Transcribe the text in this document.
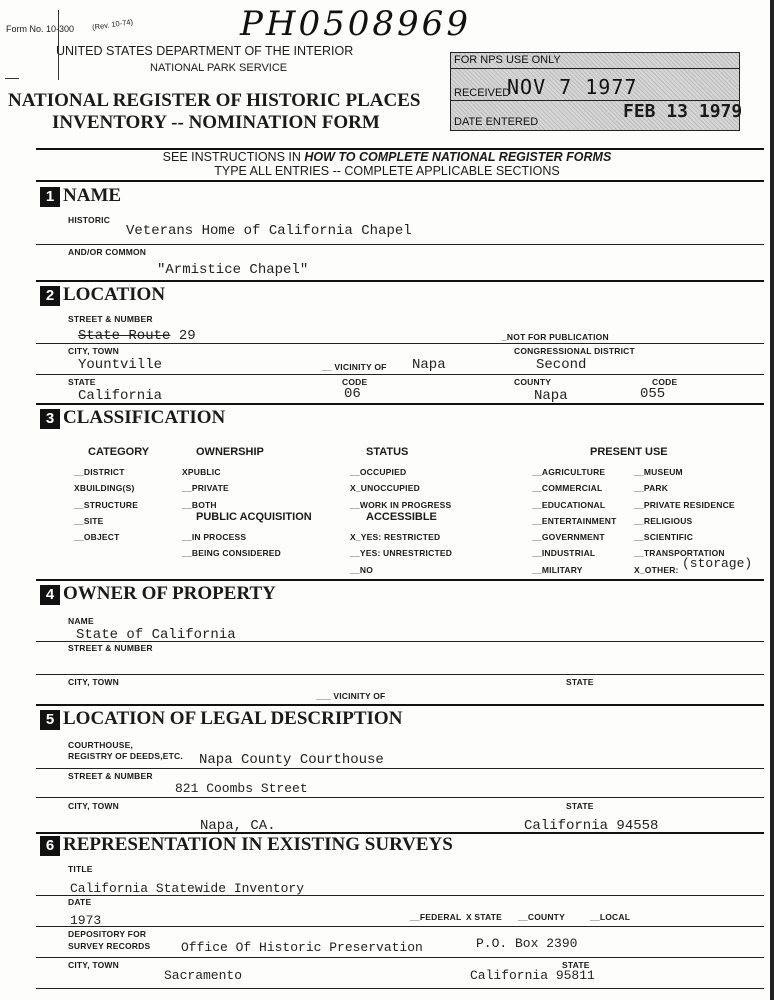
Form No. 10-300 (Rev. 10-74)	PH0508969
UNITED STATES DEPARTMENT OF THE INTERIOR
NATIONAL PARK SERVICE
NATIONAL REGISTER OF HISTORIC PLACES
INVENTORY -- NOMINATION FORM
FOR NPS USE ONLY
RECEIVED
NOV 7 1977
DATE ENTERED	FEB 13 1979
SEE INSTRUCTIONS IN HOW TO COMPLETE NATIONAL REGISTER FORMS
TYPE ALL ENTRIES -- COMPLETE APPLICABLE SECTIONS
1 NAME
HISTORIC
Veterans Home of California Chapel
AND/OR COMMON
"Armistice Chapel"
2 LOCATION
STREET & NUMBER
State Route 29	_NOT FOR PUBLICATION
CITY, TOWN	CONGRESSIONAL DISTRICT
Yountville	__ VICINITY OF Napa	Second
STATE	CODE	COUNTY	CODE
California	06	Napa	055
3 CLASSIFICATION
CATEGORY
__DISTRICT
XBUILDING(S)
__STRUCTURE
__SITE
__OBJECT
OWNERSHIP
XPUBLIC
__PRIVATE
__BOTH
PUBLIC ACQUISITION
__IN PROCESS
__BEING CONSIDERED
STATUS
__OCCUPIED
X_UNOCCUPIED
__WORK IN PROGRESS
ACCESSIBLE
X_YES: RESTRICTED
__YES: UNRESTRICTED
__NO
PRESENT USE
__AGRICULTURE
__COMMERCIAL
__EDUCATIONAL
__ENTERTAINMENT
__GOVERNMENT
__INDUSTRIAL
__MILITARY
__MUSEUM
__PARK
__PRIVATE RESIDENCE
__RELIGIOUS
__SCIENTIFIC
__TRANSPORTATION
X_OTHER: (storage)
4 OWNER OF PROPERTY
NAME
State of California
STREET & NUMBER
CITY, TOWN	STATE
___ VICINITY OF
5 LOCATION OF LEGAL DESCRIPTION
COURTHOUSE,
REGISTRY OF DEEDS,ETC. Napa County Courthouse
STREET & NUMBER
821 Coombs Street
CITY, TOWN	STATE
Napa, CA.	California 94558
6 REPRESENTATION IN EXISTING SURVEYS
TITLE
California Statewide Inventory
DATE
1973	__FEDERAL X STATE __COUNTY	__LOCAL
DEPOSITORY FOR
SURVEY RECORDS Office Of Historic Preservation	P.O. Box 2390
CITY, TOWN	STATE
Sacramento	California 95811
